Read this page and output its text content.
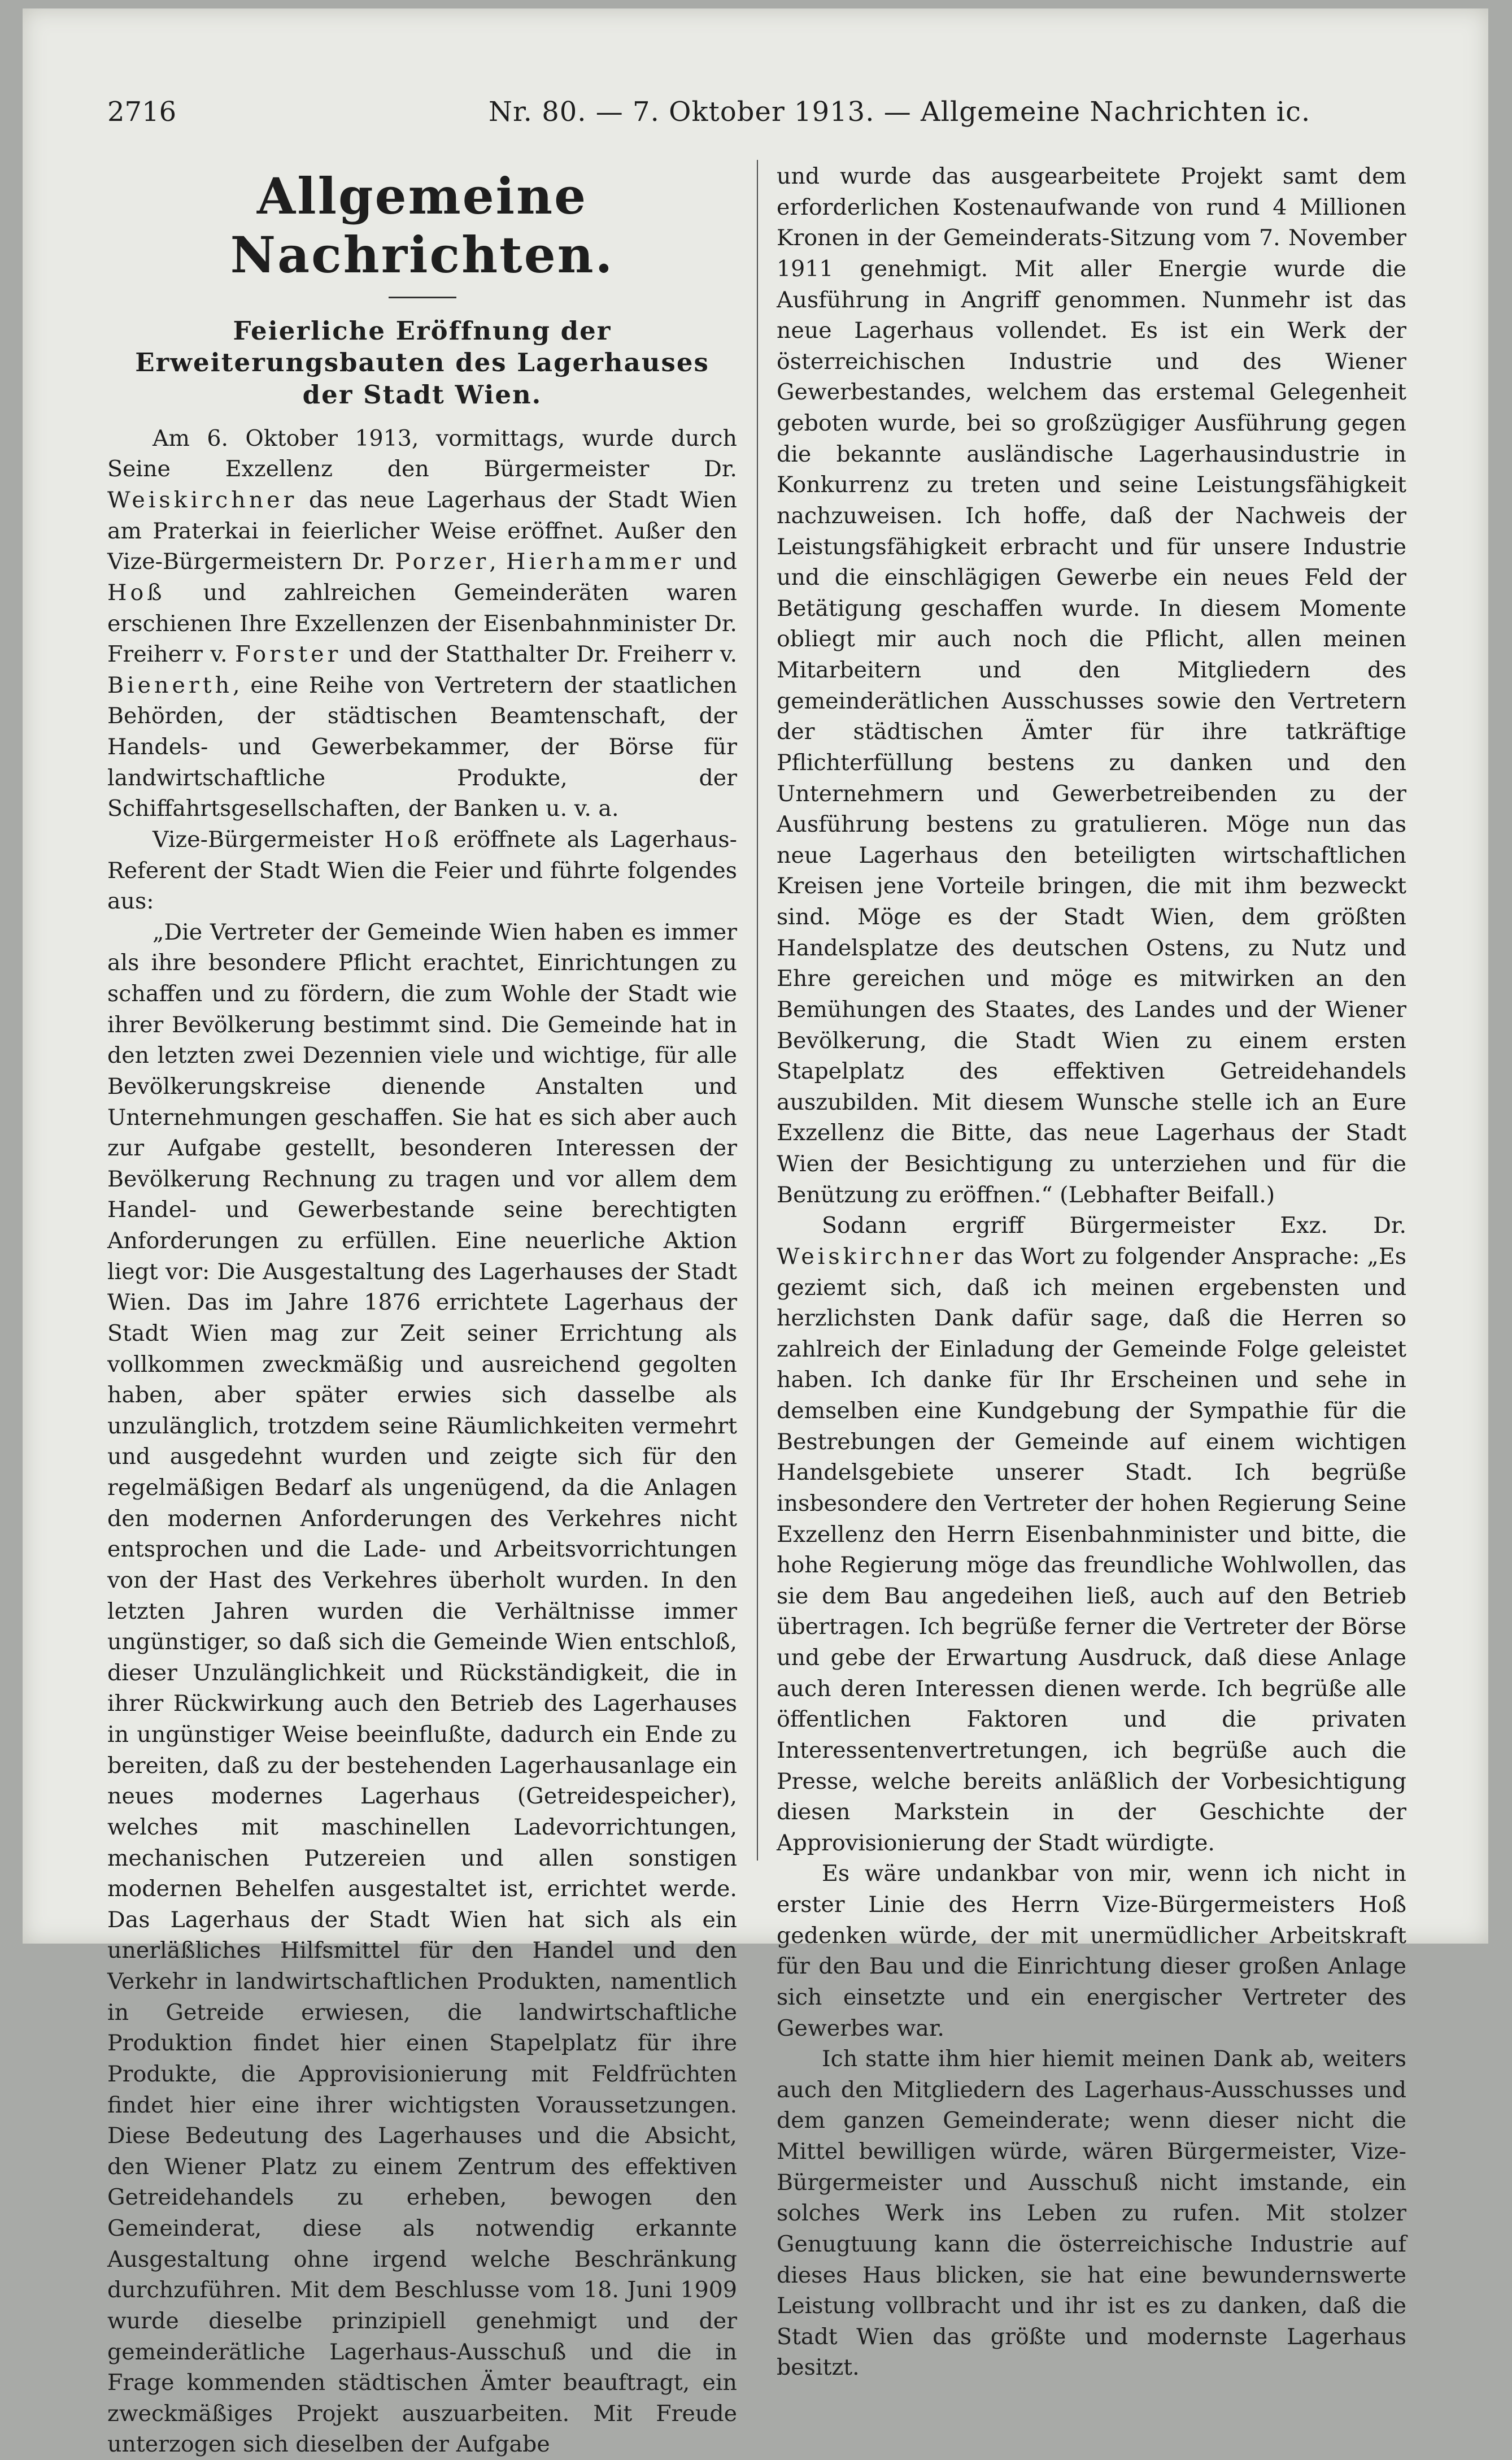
2716	Nr. 80. — 7. Oktober 1913. — Allgemeine Nachrichten ic.
Allgemeine Nachrichten.
Feierliche Eröffnung der Erweiterungsbauten des Lagerhauses der Stadt Wien.

Am 6. Oktober 1913, vormittags, wurde durch Seine Exzellenz den Bürgermeister Dr. Weiskirchner das neue Lagerhaus der Stadt Wien am Praterkai in feierlicher Weise eröffnet. Außer den Vize-Bürgermeistern Dr. Porzer, Hierhammer und Hoß und zahlreichen Gemeinderäten waren erschienen Ihre Exzellenzen der Eisenbahnminister Dr. Freiherr v. Forster und der Statthalter Dr. Freiherr v. Bienerth, eine Reihe von Vertretern der staatlichen Behörden, der städtischen Beamtenschaft, der Handels- und Gewerbekammer, der Börse für landwirtschaftliche Produkte, der Schiffahrtsgesellschaften, der Banken u. v. a.

Vize-Bürgermeister Hoß eröffnete als Lagerhaus-Referent der Stadt Wien die Feier und führte folgendes aus:

„Die Vertreter der Gemeinde Wien haben es immer als ihre besondere Pflicht erachtet, Einrichtungen zu schaffen und zu fördern, die zum Wohle der Stadt wie ihrer Bevölkerung bestimmt sind. Die Gemeinde hat in den letzten zwei Dezennien viele und wichtige, für alle Bevölkerungskreise dienende Anstalten und Unternehmungen geschaffen. Sie hat es sich aber auch zur Aufgabe gestellt, besonderen Interessen der Bevölkerung Rechnung zu tragen und vor allem dem Handel- und Gewerbestande seine berechtigten Anforderungen zu erfüllen. Eine neuerliche Aktion liegt vor: Die Ausgestaltung des Lagerhauses der Stadt Wien. Das im Jahre 1876 errichtete Lagerhaus der Stadt Wien mag zur Zeit seiner Errichtung als vollkommen zweckmäßig und ausreichend gegolten haben, aber später erwies sich dasselbe als unzulänglich, trotzdem seine Räumlichkeiten vermehrt und ausgedehnt wurden und zeigte sich für den regelmäßigen Bedarf als ungenügend, da die Anlagen den modernen Anforderungen des Verkehres nicht entsprochen und die Lade- und Arbeitsvorrichtungen von der Hast des Verkehres überholt wurden. In den letzten Jahren wurden die Verhältnisse immer ungünstiger, so daß sich die Gemeinde Wien entschloß, dieser Unzulänglichkeit und Rückständigkeit, die in ihrer Rückwirkung auch den Betrieb des Lagerhauses in ungünstiger Weise beeinflußte, dadurch ein Ende zu bereiten, daß zu der bestehenden Lagerhausanlage ein neues modernes Lagerhaus (Getreidespeicher), welches mit maschinellen Ladevorrichtungen, mechanischen Putzereien und allen sonstigen modernen Behelfen ausgestaltet ist, errichtet werde. Das Lagerhaus der Stadt Wien hat sich als ein unerläßliches Hilfsmittel für den Handel und den Verkehr in landwirtschaftlichen Produkten, namentlich in Getreide erwiesen, die landwirtschaftliche Produktion findet hier einen Stapelplatz für ihre Produkte, die Approvisionierung mit Feldfrüchten findet hier eine ihrer wichtigsten Voraussetzungen. Diese Bedeutung des Lagerhauses und die Absicht, den Wiener Platz zu einem Zentrum des effektiven Getreidehandels zu erheben, bewogen den Gemeinderat, diese als notwendig erkannte Ausgestaltung ohne irgend welche Beschränkung durchzuführen. Mit dem Beschlusse vom 18. Juni 1909 wurde dieselbe prinzipiell genehmigt und der gemeinderätliche Lagerhaus-Ausschuß und die in Frage kommenden städtischen Ämter beauftragt, ein zweckmäßiges Projekt auszuarbeiten. Mit Freude unterzogen sich dieselben der Aufgabe

und wurde das ausgearbeitete Projekt samt dem erforderlichen Kostenaufwande von rund 4 Millionen Kronen in der Gemeinderats-Sitzung vom 7. November 1911 genehmigt. Mit aller Energie wurde die Ausführung in Angriff genommen. Nunmehr ist das neue Lagerhaus vollendet. Es ist ein Werk der österreichischen Industrie und des Wiener Gewerbestandes, welchem das erstemal Gelegenheit geboten wurde, bei so großzügiger Ausführung gegen die bekannte ausländische Lagerhausindustrie in Konkurrenz zu treten und seine Leistungsfähigkeit nachzuweisen. Ich hoffe, daß der Nachweis der Leistungsfähigkeit erbracht und für unsere Industrie und die einschlägigen Gewerbe ein neues Feld der Betätigung geschaffen wurde. In diesem Momente obliegt mir auch noch die Pflicht, allen meinen Mitarbeitern und den Mitgliedern des gemeinderätlichen Ausschusses sowie den Vertretern der städtischen Ämter für ihre tatkräftige Pflichterfüllung bestens zu danken und den Unternehmern und Gewerbetreibenden zu der Ausführung bestens zu gratulieren. Möge nun das neue Lagerhaus den beteiligten wirtschaftlichen Kreisen jene Vorteile bringen, die mit ihm bezweckt sind. Möge es der Stadt Wien, dem größten Handelsplatze des deutschen Ostens, zu Nutz und Ehre gereichen und möge es mitwirken an den Bemühungen des Staates, des Landes und der Wiener Bevölkerung, die Stadt Wien zu einem ersten Stapelplatz des effektiven Getreidehandels auszubilden. Mit diesem Wunsche stelle ich an Eure Exzellenz die Bitte, das neue Lagerhaus der Stadt Wien der Besichtigung zu unterziehen und für die Benützung zu eröffnen.“ (Lebhafter Beifall.)

Sodann ergriff Bürgermeister Exz. Dr. Weiskirchner das Wort zu folgender Ansprache: „Es geziemt sich, daß ich meinen ergebensten und herzlichsten Dank dafür sage, daß die Herren so zahlreich der Einladung der Gemeinde Folge geleistet haben. Ich danke für Ihr Erscheinen und sehe in demselben eine Kundgebung der Sympathie für die Bestrebungen der Gemeinde auf einem wichtigen Handelsgebiete unserer Stadt. Ich begrüße insbesondere den Vertreter der hohen Regierung Seine Exzellenz den Herrn Eisenbahnminister und bitte, die hohe Regierung möge das freundliche Wohlwollen, das sie dem Bau angedeihen ließ, auch auf den Betrieb übertragen. Ich begrüße ferner die Vertreter der Börse und gebe der Erwartung Ausdruck, daß diese Anlage auch deren Interessen dienen werde. Ich begrüße alle öffentlichen Faktoren und die privaten Interessentenvertretungen, ich begrüße auch die Presse, welche bereits anläßlich der Vorbesichtigung diesen Markstein in der Geschichte der Approvisionierung der Stadt würdigte.

Es wäre undankbar von mir, wenn ich nicht in erster Linie des Herrn Vize-Bürgermeisters Hoß gedenken würde, der mit unermüdlicher Arbeitskraft für den Bau und die Einrichtung dieser großen Anlage sich einsetzte und ein energischer Vertreter des Gewerbes war.

Ich statte ihm hier hiemit meinen Dank ab, weiters auch den Mitgliedern des Lagerhaus-Ausschusses und dem ganzen Gemeinderate; wenn dieser nicht die Mittel bewilligen würde, wären Bürgermeister, Vize-Bürgermeister und Ausschuß nicht imstande, ein solches Werk ins Leben zu rufen. Mit stolzer Genugtuung kann die österreichische Industrie auf dieses Haus blicken, sie hat eine bewundernswerte Leistung vollbracht und ihr ist es zu danken, daß die Stadt Wien das größte und modernste Lagerhaus besitzt.
